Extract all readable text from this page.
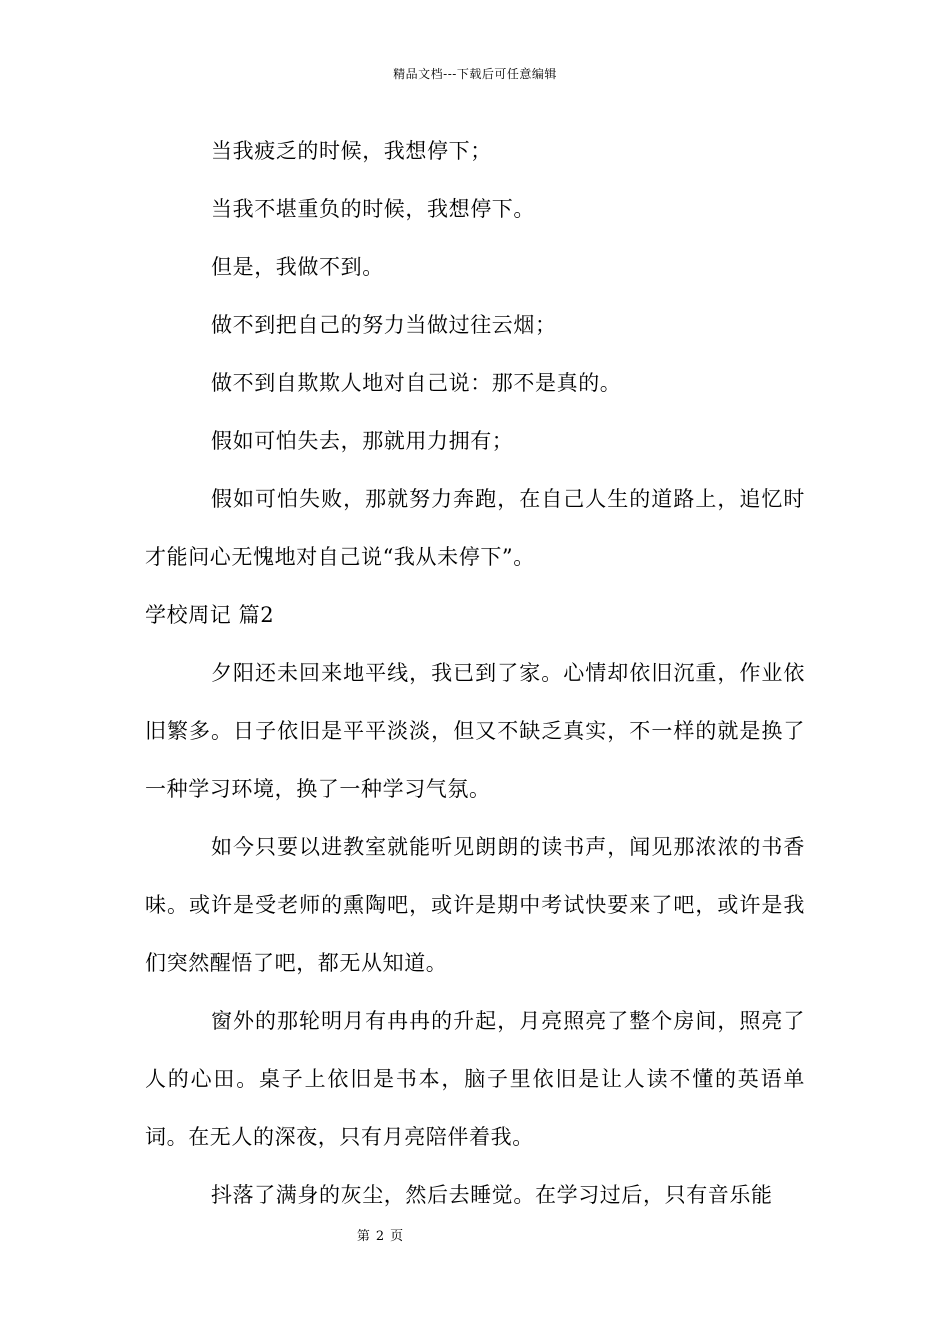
精品文档---下载后可任意编辑

当我疲乏的时候，我想停下；

当我不堪重负的时候，我想停下。

但是，我做不到。

做不到把自己的努力当做过往云烟；

做不到自欺欺人地对自己说：那不是真的。

假如可怕失去，那就用力拥有；

假如可怕失败，那就努力奔跑，在自己人生的道路上，追忆时才能问心无愧地对自己说“我从未停下”。

学校周记 篇2

夕阳还未回来地平线，我已到了家。心情却依旧沉重，作业依旧繁多。日子依旧是平平淡淡，但又不缺乏真实，不一样的就是换了一种学习环境，换了一种学习气氛。

如今只要以进教室就能听见朗朗的读书声，闻见那浓浓的书香味。或许是受老师的熏陶吧，或许是期中考试快要来了吧，或许是我们突然醒悟了吧，都无从知道。

窗外的那轮明月有冉冉的升起，月亮照亮了整个房间，照亮了人的心田。桌子上依旧是书本，脑子里依旧是让人读不懂的英语单词。在无人的深夜，只有月亮陪伴着我。

抖落了满身的灰尘，然后去睡觉。在学习过后，只有音乐能

第 2 页
